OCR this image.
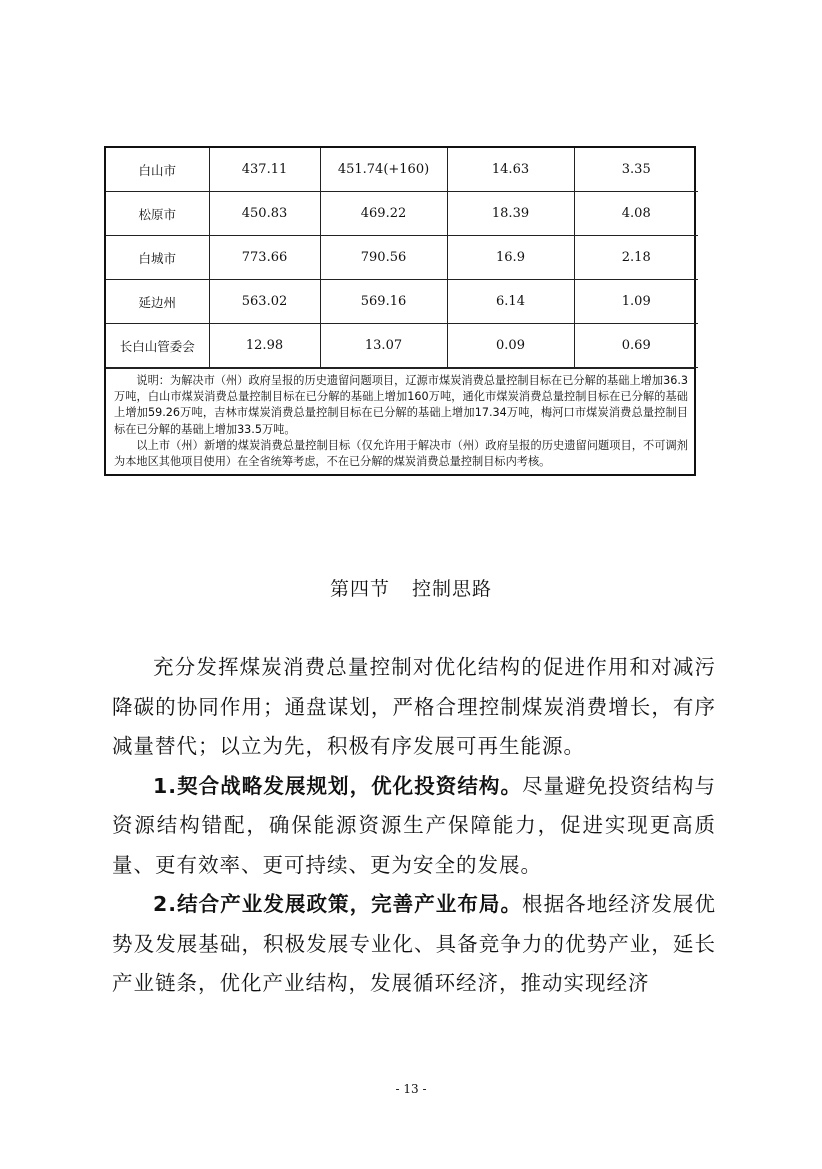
白山市	437.11	451.74(+160)	14.63	3.35
松原市	450.83	469.22	18.39	4.08
白城市	773.66	790.56	16.9	2.18
延边州	563.02	569.16	6.14	1.09
长白山管委会	12.98	13.07	0.09	0.69

说明：为解决市（州）政府呈报的历史遗留问题项目，辽源市煤炭消费总量控制目标在已分解的基础上增加36.3万吨，白山市煤炭消费总量控制目标在已分解的基础上增加160万吨，通化市煤炭消费总量控制目标在已分解的基础上增加59.26万吨，吉林市煤炭消费总量控制目标在已分解的基础上增加17.34万吨，梅河口市煤炭消费总量控制目标在已分解的基础上增加33.5万吨。

以上市（州）新增的煤炭消费总量控制目标（仅允许用于解决市（州）政府呈报的历史遗留问题项目，不可调剂为本地区其他项目使用）在全省统筹考虑，不在已分解的煤炭消费总量控制目标内考核。

第四节 控制思路

充分发挥煤炭消费总量控制对优化结构的促进作用和对减污降碳的协同作用；通盘谋划，严格合理控制煤炭消费增长，有序减量替代；以立为先，积极有序发展可再生能源。

1.契合战略发展规划，优化投资结构。尽量避免投资结构与资源结构错配，确保能源资源生产保障能力，促进实现更高质量、更有效率、更可持续、更为安全的发展。

2.结合产业发展政策，完善产业布局。根据各地经济发展优势及发展基础，积极发展专业化、具备竞争力的优势产业，延长产业链条，优化产业结构，发展循环经济，推动实现经济

- 13 -
